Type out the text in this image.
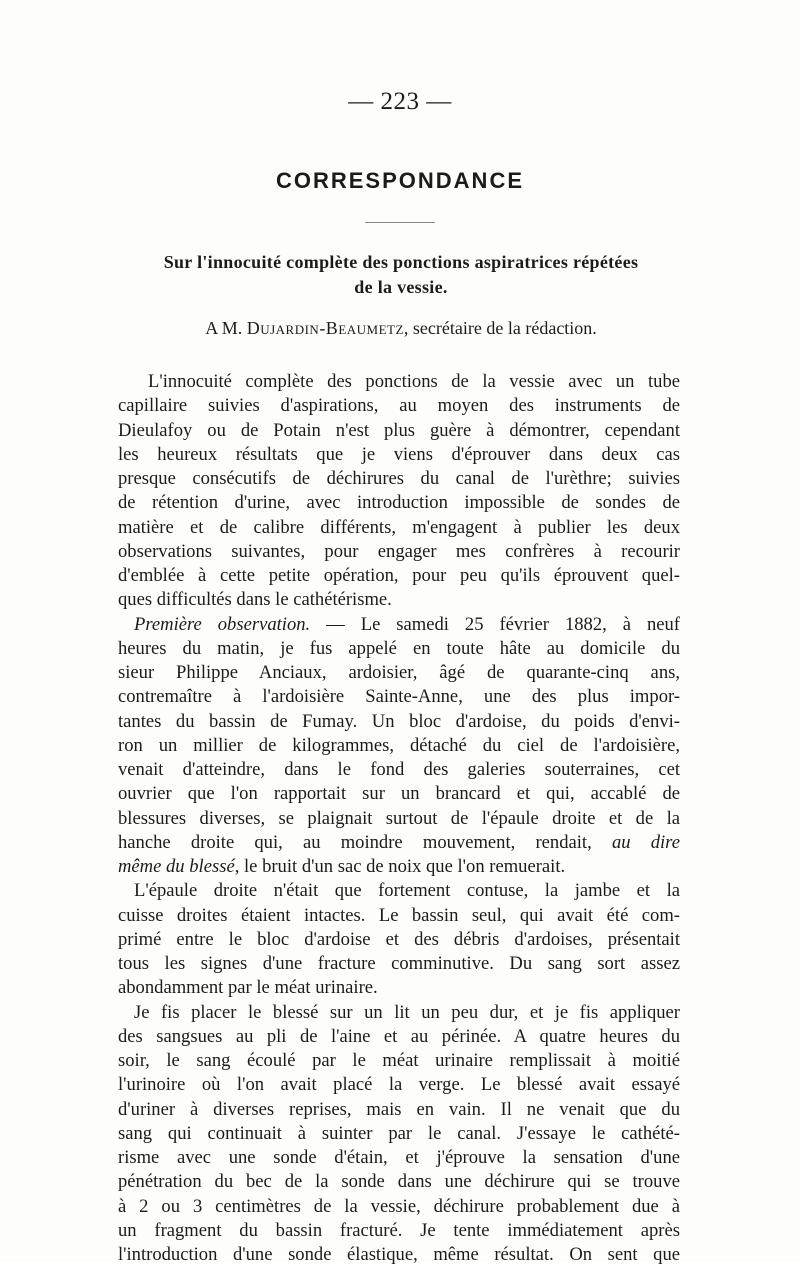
— 223 —
CORRESPONDANCE
Sur l'innocuité complète des ponctions aspiratrices répétées
de la vessie.
A M. Dujardin-Beaumetz, secrétaire de la rédaction.
L'innocuité complète des ponctions de la vessie avec un tube
capillaire suivies d'aspirations, au moyen des instruments de
Dieulafoy ou de Potain n'est plus guère à démontrer, cependant
les heureux résultats que je viens d'éprouver dans deux cas
presque consécutifs de déchirures du canal de l'urèthre; suivies
de rétention d'urine, avec introduction impossible de sondes de
matière et de calibre différents, m'engagent à publier les deux
observations suivantes, pour engager mes confrères à recourir
d'emblée à cette petite opération, pour peu qu'ils éprouvent quel-
ques difficultés dans le cathétérisme.
Première observation. — Le samedi 25 février 1882, à neuf
heures du matin, je fus appelé en toute hâte au domicile du
sieur Philippe Anciaux, ardoisier, âgé de quarante-cinq ans,
contremaître à l'ardoisière Sainte-Anne, une des plus impor-
tantes du bassin de Fumay. Un bloc d'ardoise, du poids d'envi-
ron un millier de kilogrammes, détaché du ciel de l'ardoisière,
venait d'atteindre, dans le fond des galeries souterraines, cet
ouvrier que l'on rapportait sur un brancard et qui, accablé de
blessures diverses, se plaignait surtout de l'épaule droite et de la
hanche droite qui, au moindre mouvement, rendait, au dire
même du blessé, le bruit d'un sac de noix que l'on remuerait.
L'épaule droite n'était que fortement contuse, la jambe et la
cuisse droites étaient intactes. Le bassin seul, qui avait été com-
primé entre le bloc d'ardoise et des débris d'ardoises, présentait
tous les signes d'une fracture comminutive. Du sang sort assez
abondamment par le méat urinaire.
Je fis placer le blessé sur un lit un peu dur, et je fis appliquer
des sangsues au pli de l'aine et au périnée. A quatre heures du
soir, le sang écoulé par le méat urinaire remplissait à moitié
l'urinoire où l'on avait placé la verge. Le blessé avait essayé
d'uriner à diverses reprises, mais en vain. Il ne venait que du
sang qui continuait à suinter par le canal. J'essaye le cathété-
risme avec une sonde d'étain, et j'éprouve la sensation d'une
pénétration du bec de la sonde dans une déchirure qui se trouve
à 2 ou 3 centimètres de la vessie, déchirure probablement due à
un fragment du bassin fracturé. Je tente immédiatement après
l'introduction d'une sonde élastique, même résultat. On sent que
